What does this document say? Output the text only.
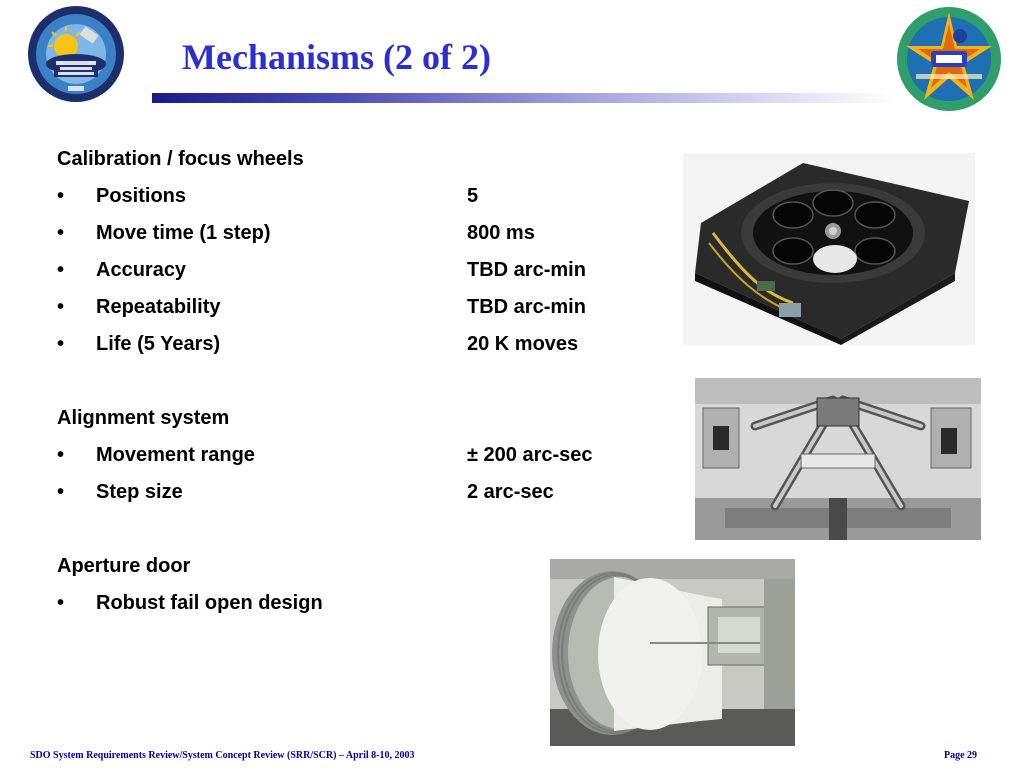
Mechanisms (2 of 2)
Calibration / focus wheels
• Positions	5
• Move time (1 step)	800 ms
• Accuracy	TBD arc-min
• Repeatability	TBD arc-min
• Life (5 Years)	20 K moves
Alignment system
• Movement range	± 200 arc-sec
• Step size	2 arc-sec
Aperture door
• Robust fail open design
SDO System Requirements Review/System Concept Review (SRR/SCR) – April 8-10, 2003	Page 29
